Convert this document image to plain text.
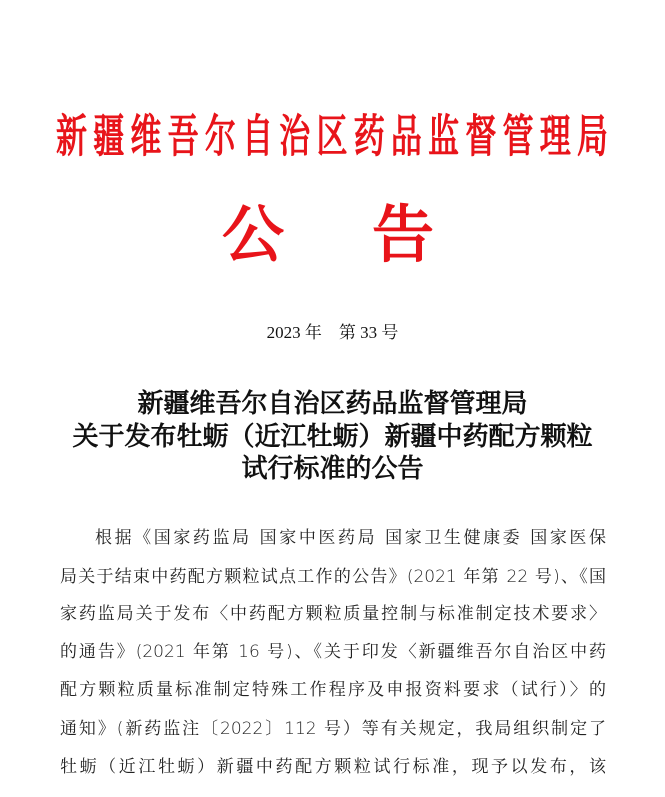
新疆维吾尔自治区药品监督管理局
公 告
2023 年　第 33 号
新疆维吾尔自治区药品监督管理局
关于发布牡蛎（近江牡蛎）新疆中药配方颗粒
试行标准的公告
根据《国家药监局 国家中医药局 国家卫生健康委 国家医保
局关于结束中药配方颗粒试点工作的公告》(2021 年第 22 号)、《国
家药监局关于发布〈中药配方颗粒质量控制与标准制定技术要求〉
的通告》(2021 年第 16 号)、《关于印发〈新疆维吾尔自治区中药
配方颗粒质量标准制定特殊工作程序及申报资料要求（试行）〉的
通知》(新药监注〔2022〕112 号）等有关规定，我局组织制定了
牡蛎（近江牡蛎）新疆中药配方颗粒试行标准，现予以发布，该
